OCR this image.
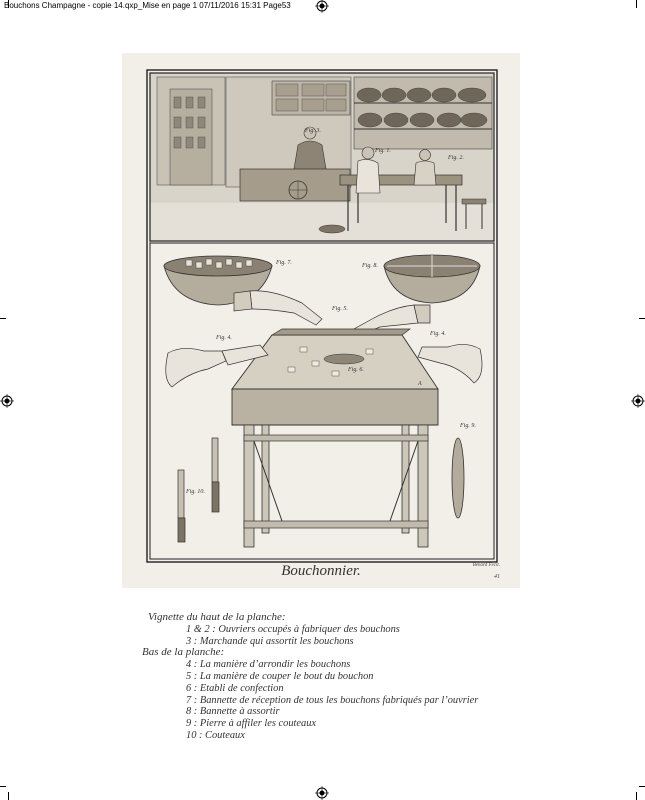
Bouchons Champagne - copie 14.qxp_Mise en page 1 07/11/2016 15:31 Page53
Fig. 3.
Fig. 1.
Fig. 2.
Fig. 7.	Fig. 8.
Fig. 5.
Fig. 6.
A
Fig. 4.
Fig. 4.
Fig. 9.
Fig. 10.
Bouchonnier.	Benard Fecit.
41
Vignette du haut de la planche:
1 & 2 : Ouvriers occupés à fabriquer des bouchons
3 : Marchande qui assortit les bouchons
Bas de la planche:
4 : La manière d’arrondir les bouchons
5 : La manière de couper le bout du bouchon
6 : Etabli de confection
7 : Bannette de réception de tous les bouchons fabriqués par l’ouvrier
8 : Bannette à assortir
9 : Pierre à affiler les couteaux
10 : Couteaux
